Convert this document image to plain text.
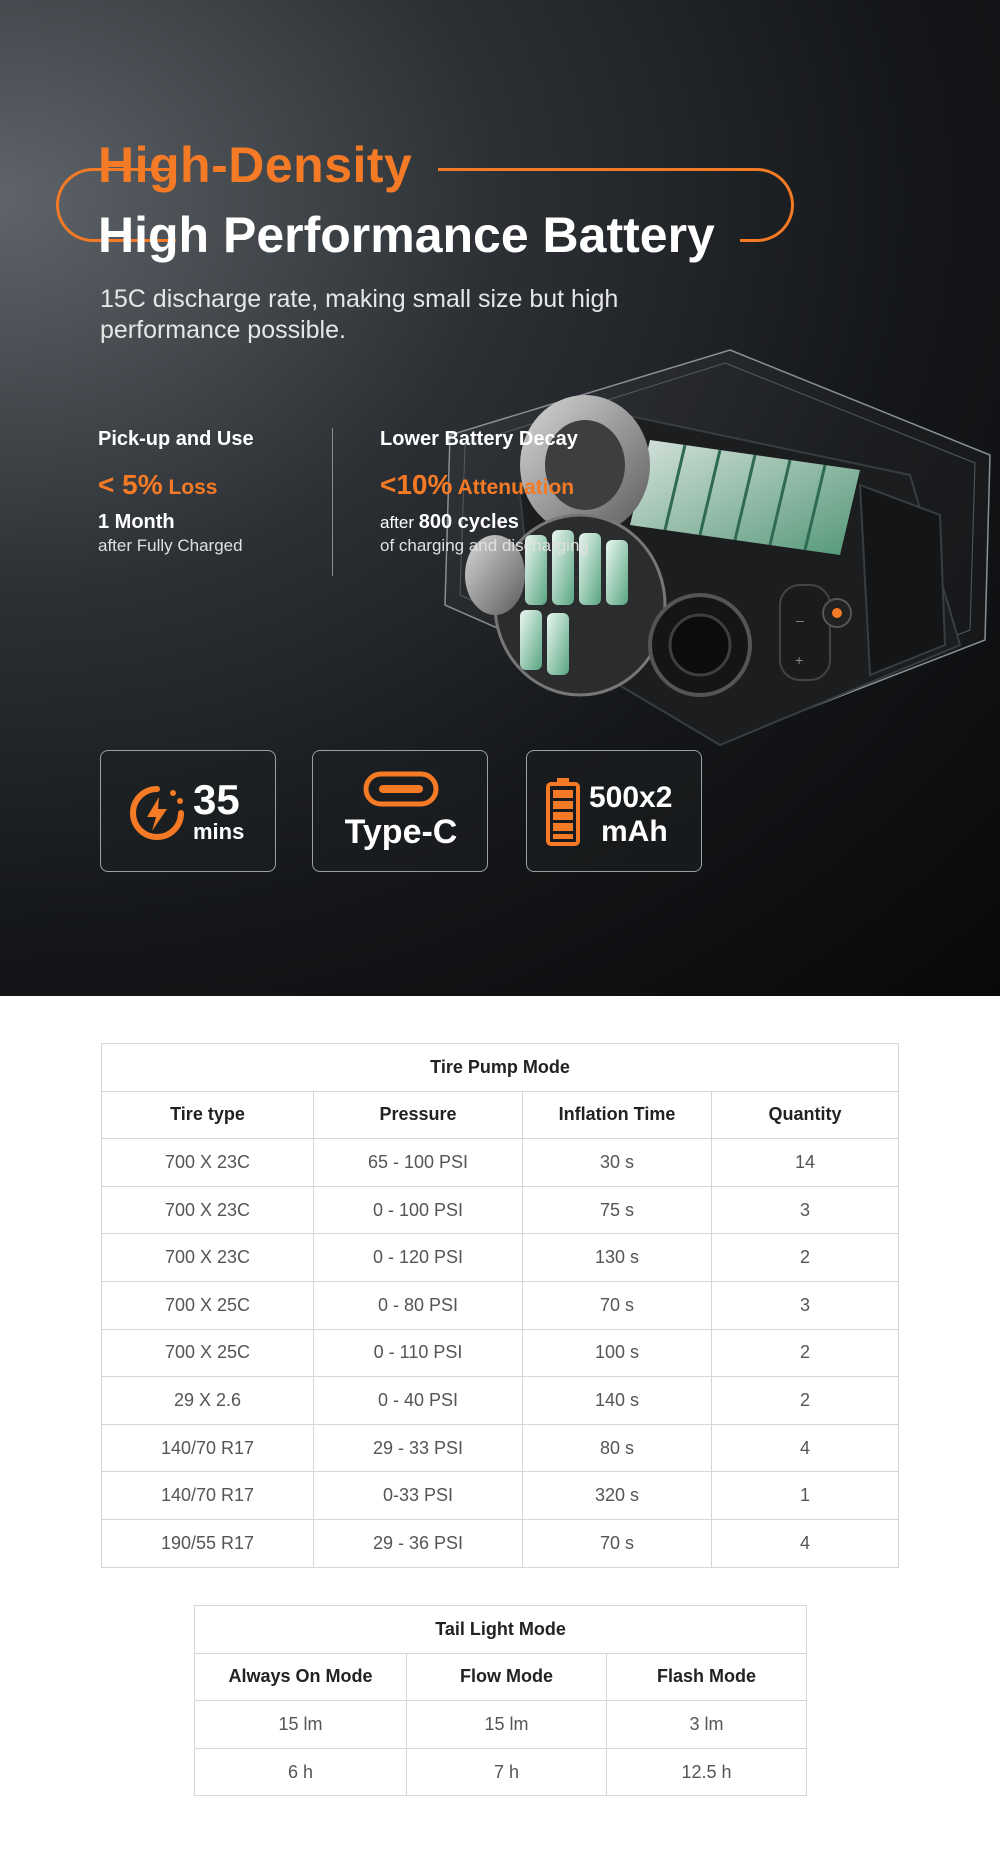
High-Density
High Performance Battery
15C discharge rate, making small size but high performance possible.
+
–
Pick-up and Use
< 5% Loss
1 Month
after Fully Charged
Lower Battery Decay
<10% Attenuation
after 800 cycles
of charging and discharging
35
mins	Type-C
500x2
mAh
Tire Pump Mode			
Tire type	Pressure	Inflation Time	Quantity
700 X 23C	65 - 100 PSI	30 s	14
700 X 23C	0 - 100 PSI	75 s	3
700 X 23C	0 - 120 PSI	130 s	2
700 X 25C	0 - 80 PSI	70 s	3
700 X 25C	0 - 110 PSI	100 s	2
29 X 2.6	0 - 40 PSI	140 s	2
140/70 R17	29 - 33 PSI	80 s	4
140/70 R17	0-33 PSI	320 s	1
190/55 R17	29 - 36 PSI	70 s	4
Tail Light Mode		
Always On Mode	Flow Mode	Flash Mode
15 lm	15 lm	3 lm
6 h	7 h	12.5 h
